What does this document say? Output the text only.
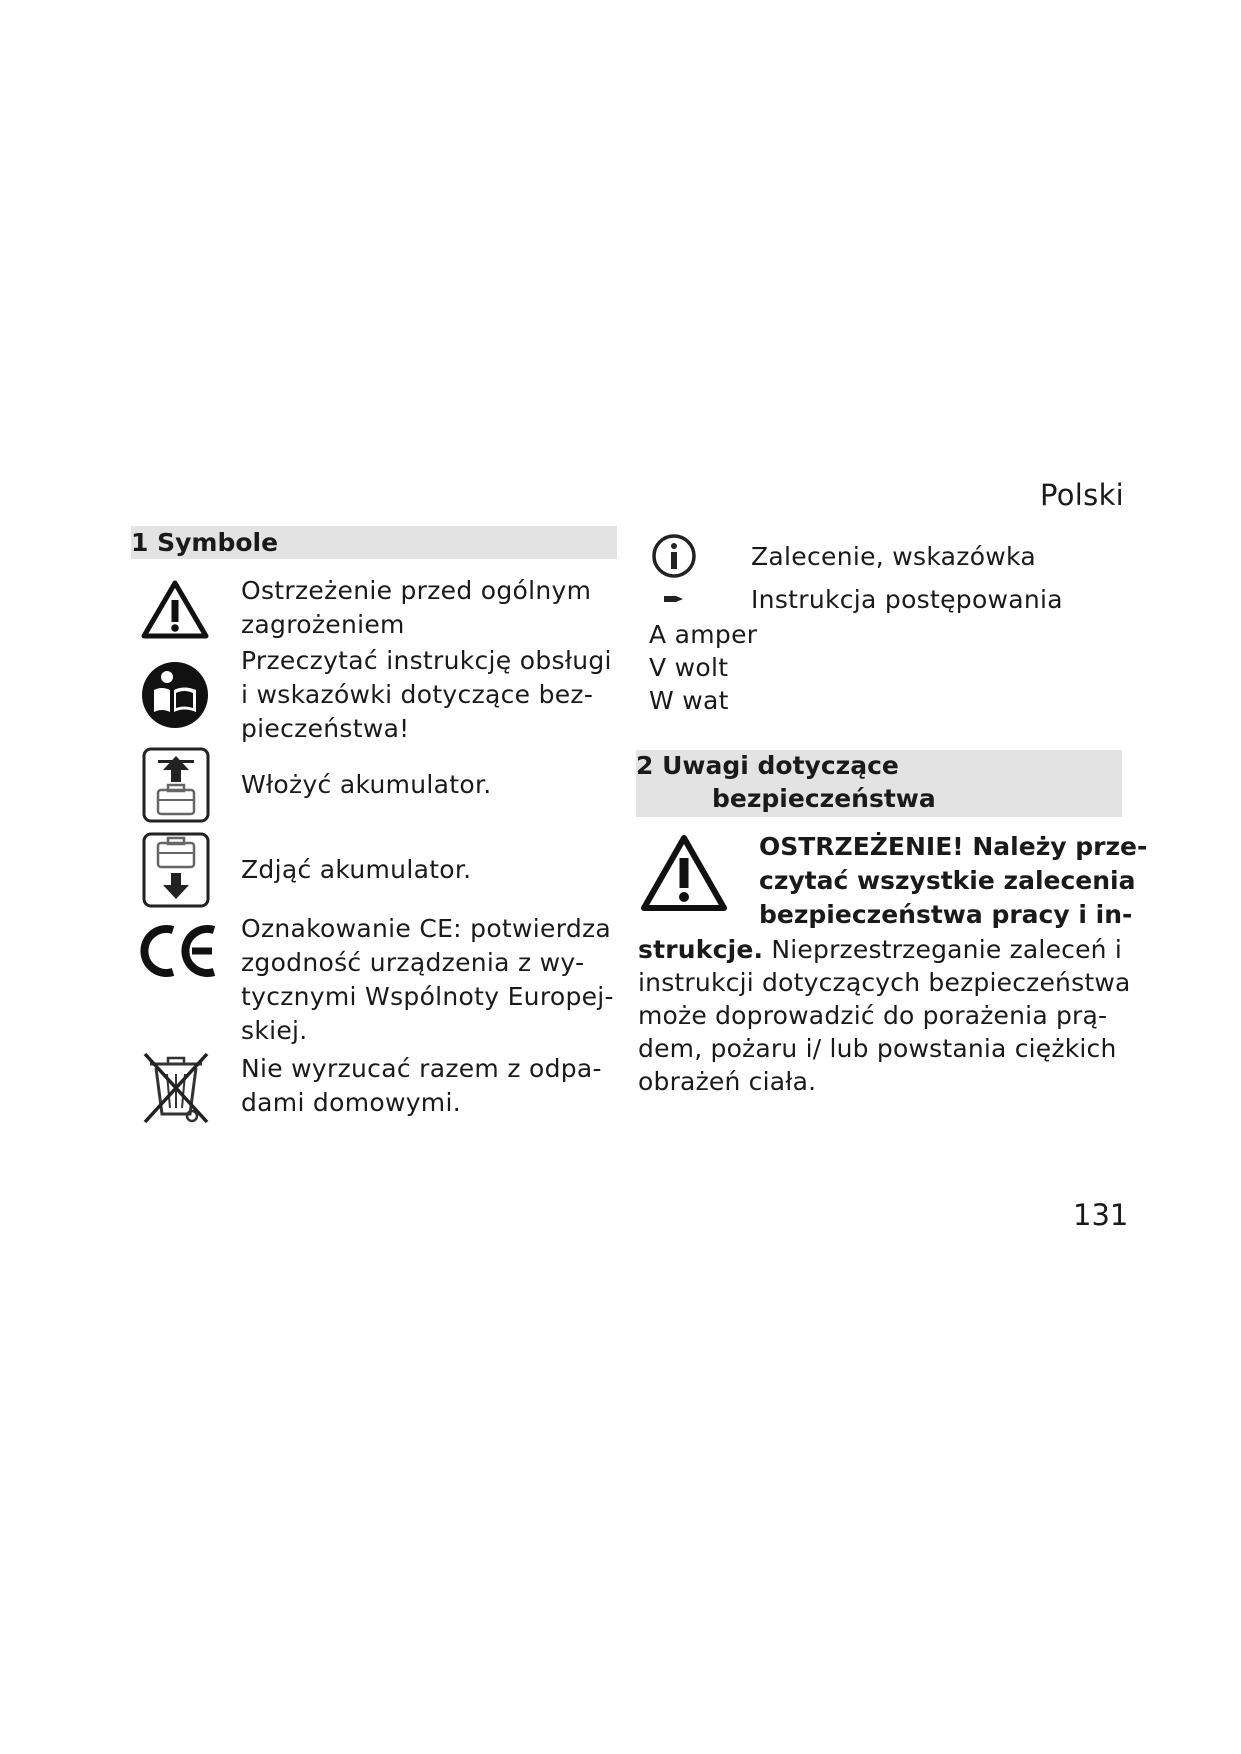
Polski
1 Symbole
Ostrzeżenie przed ogólnym
zagrożeniem
Przeczytać instrukcję obsługi
i wskazówki dotyczące bez-
pieczeństwa!
Włożyć akumulator.
Zdjąć akumulator.
Oznakowanie CE: potwierdza
zgodność urządzenia z wy-
tycznymi Wspólnoty Europej-
skiej.
Nie wyrzucać razem z odpa-
dami domowymi.
Zalecenie, wskazówka
Instrukcja postępowania
A amper
V wolt
W wat
2 Uwagi dotyczące
bezpieczeństwa
OSTRZEŻENIE! Należy prze-
czytać wszystkie zalecenia
bezpieczeństwa pracy i in-
strukcje. Nieprzestrzeganie zaleceń i
instrukcji dotyczących bezpieczeństwa
może doprowadzić do porażenia prą-
dem, pożaru i/ lub powstania ciężkich
obrażeń ciała.
131
